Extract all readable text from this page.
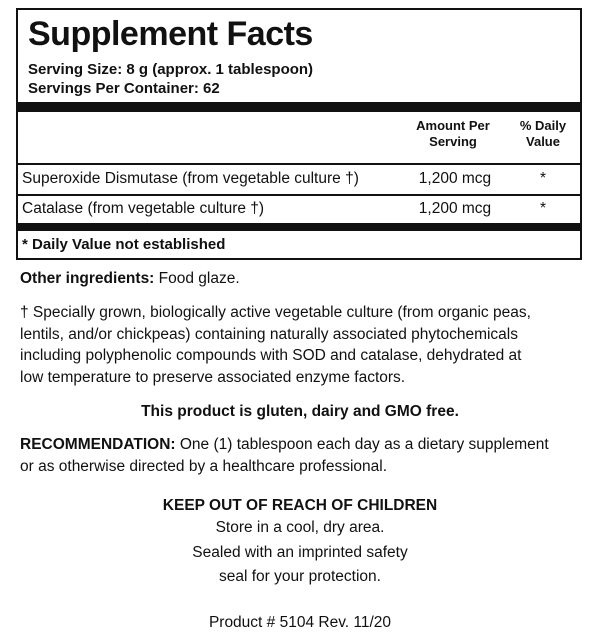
Supplement Facts
Serving Size: 8 g (approx. 1 tablespoon)
Servings Per Container: 62
Amount Per
Serving
% Daily
Value
Superoxide Dismutase (from vegetable culture †)	1,200 mcg	*
Catalase (from vegetable culture †)	1,200 mcg	*
* Daily Value not established
Other ingredients: Food glaze.
† Specially grown, biologically active vegetable culture (from organic peas,
lentils, and/or chickpeas) containing naturally associated phytochemicals
including polyphenolic compounds with SOD and catalase, dehydrated at
low temperature to preserve associated enzyme factors.
This product is gluten, dairy and GMO free.
RECOMMENDATION: One (1) tablespoon each day as a dietary supplement
or as otherwise directed by a healthcare professional.
KEEP OUT OF REACH OF CHILDREN
Store in a cool, dry area.
Sealed with an imprinted safety
seal for your protection.
Product # 5104 Rev. 11/20
